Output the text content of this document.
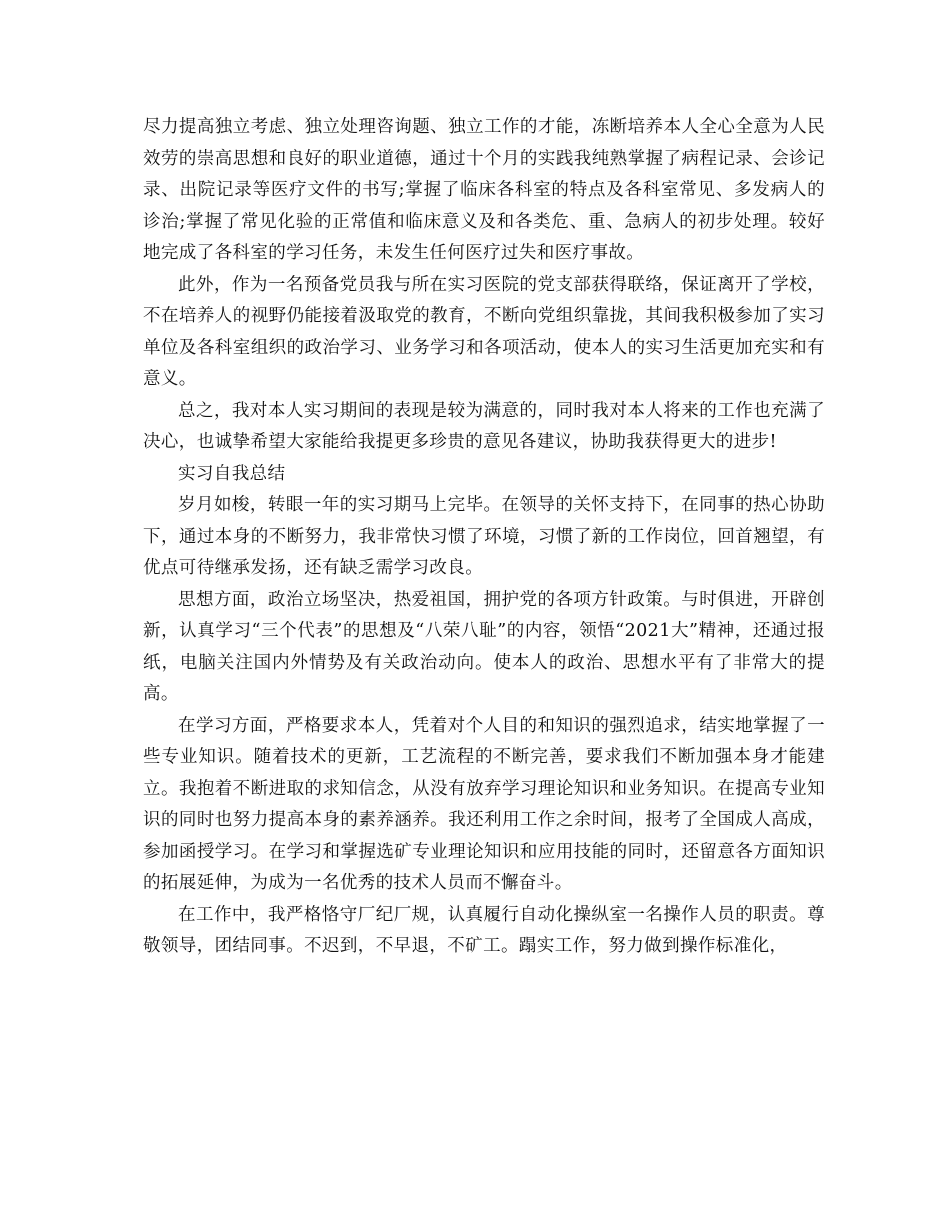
尽力提高独立考虑、独立处理咨询题、独立工作的才能，冻断培养本人全心全意为人民效劳的崇高思想和良好的职业道德，通过十个月的实践我纯熟掌握了病程记录、会诊记录、出院记录等医疗文件的书写;掌握了临床各科室的特点及各科室常见、多发病人的诊治;掌握了常见化验的正常值和临床意义及和各类危、重、急病人的初步处理。较好地完成了各科室的学习任务，未发生任何医疗过失和医疗事故。

此外，作为一名预备党员我与所在实习医院的党支部获得联络，保证离开了学校，不在培养人的视野仍能接着汲取党的教育，不断向党组织靠拢，其间我积极参加了实习单位及各科室组织的政治学习、业务学习和各项活动，使本人的实习生活更加充实和有意义。

总之，我对本人实习期间的表现是较为满意的，同时我对本人将来的工作也充满了决心，也诚挚希望大家能给我提更多珍贵的意见各建议，协助我获得更大的进步!

实习自我总结

岁月如梭，转眼一年的实习期马上完毕。在领导的关怀支持下，在同事的热心协助下，通过本身的不断努力，我非常快习惯了环境，习惯了新的工作岗位，回首翘望，有优点可待继承发扬，还有缺乏需学习改良。

思想方面，政治立场坚决，热爱祖国，拥护党的各项方针政策。与时俱进，开辟创新，认真学习“三个代表”的思想及“八荣八耻”的内容，领悟“2021大”精神，还通过报纸，电脑关注国内外情势及有关政治动向。使本人的政治、思想水平有了非常大的提高。

在学习方面，严格要求本人，凭着对个人目的和知识的强烈追求，结实地掌握了一些专业知识。随着技术的更新，工艺流程的不断完善，要求我们不断加强本身才能建立。我抱着不断进取的求知信念，从没有放弃学习理论知识和业务知识。在提高专业知识的同时也努力提高本身的素养涵养。我还利用工作之余时间，报考了全国成人高成，参加函授学习。在学习和掌握选矿专业理论知识和应用技能的同时，还留意各方面知识的拓展延伸，为成为一名优秀的技术人员而不懈奋斗。

在工作中，我严格恪守厂纪厂规，认真履行自动化操纵室一名操作人员的职责。尊敬领导，团结同事。不迟到，不早退，不矿工。蹋实工作，努力做到操作标准化，
